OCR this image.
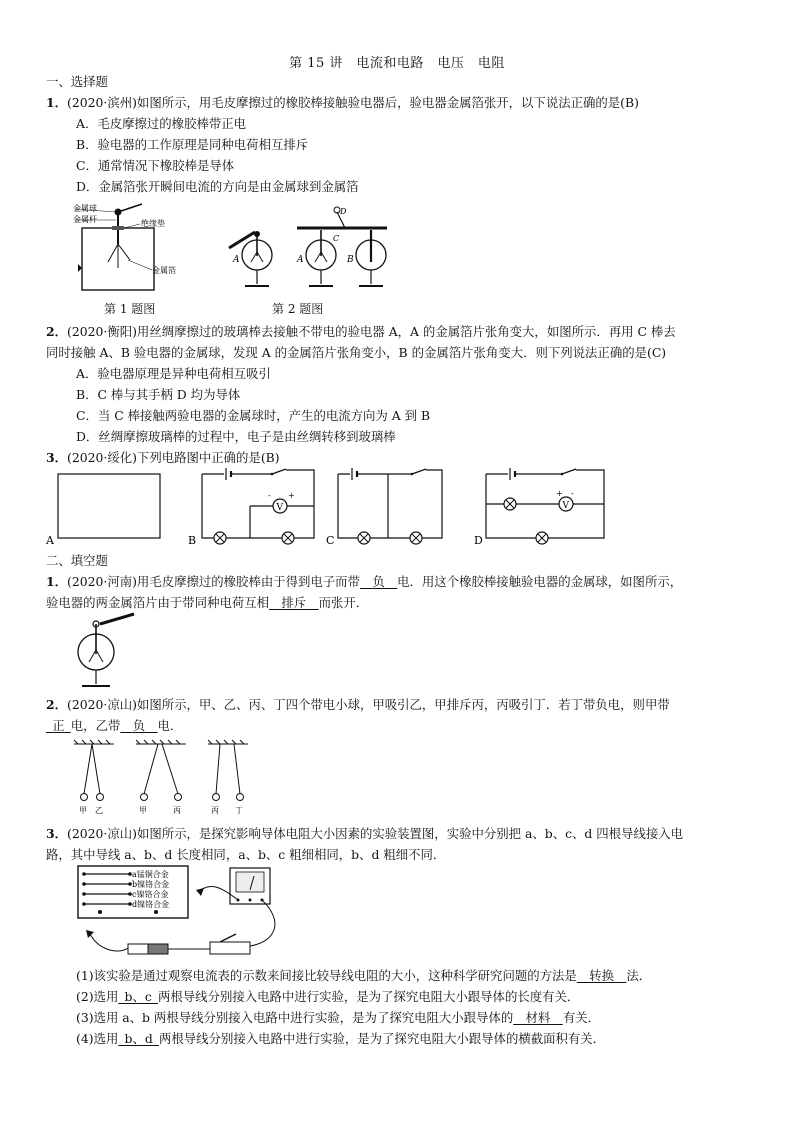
第 15 讲　电流和电路　电压　电阻
一、选择题
1．(2020·滨州)如图所示，用毛皮摩擦过的橡胶棒接触验电器后，验电器金属箔张开，以下说法正确的是(B)
A．毛皮摩擦过的橡胶棒带正电
B．验电器的工作原理是同种电荷相互排斥
C．通常情况下橡胶棒是导体
D．金属箔张开瞬间电流的方向是由金属球到金属箔
金属球
金属杆	绝缘垫
金属箔
第 1 题图
A
D
C
A	B
第 2 题图
2．(2020·衡阳)用丝绸摩擦过的玻璃棒去接触不带电的验电器 A，A 的金属箔片张角变大，如图所示．再用 C 棒去
同时接触 A、B 验电器的金属球，发现 A 的金属箔片张角变小，B 的金属箔片张角变大．则下列说法正确的是(C)
A．验电器原理是异种电荷相互吸引
B．C 棒与其手柄 D 均为导体
C．当 C 棒接触两验电器的金属球时，产生的电流方向为 A 到 B
D．丝绸摩擦玻璃棒的过程中，电子是由丝绸转移到玻璃棒
3．(2020·绥化)下列电路图中正确的是(B)
A
V
- +
B	C
V
+ -
D
二、填空题
1．(2020·河南)用毛皮摩擦过的橡胶棒由于得到电子而带  负  电．用这个橡胶棒接触验电器的金属球，如图所示，
验电器的两金属箔片由于带同种电荷互相  排斥  而张开．
2．(2020·凉山)如图所示，甲、乙、丙、丁四个带电小球，甲吸引乙，甲排斥丙，丙吸引丁．若丁带负电，则甲带
 正  电，乙带  负  电．
甲 乙	甲	丙	丙 丁
3．(2020·凉山)如图所示，是探究影响导体电阻大小因素的实验装置图，实验中分别把 a、b、c、d 四根导线接入电
路，其中导线 a、b、d 长度相同，a、b、c 粗细相同，b、d 粗细不同．
a锰铜合金
b镍铬合金
c镍铬合金
d镍铬合金
(1)该实验是通过观察电流表的示数来间接比较导线电阻的大小，这种科学研究问题的方法是  转换  法．
(2)选用  b、c  两根导线分别接入电路中进行实验，是为了探究电阻大小跟导体的长度有关．
(3)选用 a、b 两根导线分别接入电路中进行实验，是为了探究电阻大小跟导体的  材料  有关．
(4)选用  b、d  两根导线分别接入电路中进行实验，是为了探究电阻大小跟导体的横截面积有关．
